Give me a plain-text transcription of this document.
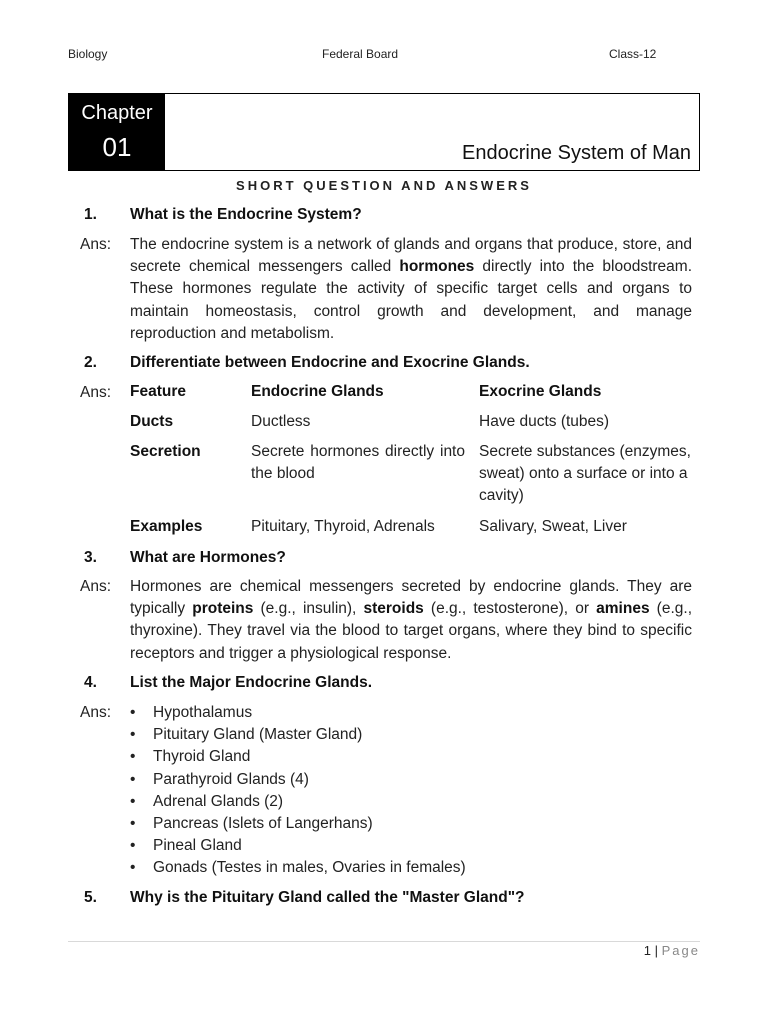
Biology	Federal Board	Class-12
Chapter
01	Endocrine System of Man
SHORT QUESTION AND ANSWERS
1. What is the Endocrine System?
Ans: The endocrine system is a network of glands and organs that produce, store, and secrete chemical messengers called hormones directly into the bloodstream. These hormones regulate the activity of specific target cells and organs to maintain homeostasis, control growth and development, and manage reproduction and metabolism.

2. Differentiate between Endocrine and Exocrine Glands.
Ans: Feature	Endocrine Glands	Exocrine Glands
Ducts	Ductless	Have ducts (tubes)
Secretion	Secrete hormones directly into the blood
Secrete substances (enzymes, sweat) onto a surface or into a cavity)
Examples	Pituitary, Thyroid, Adrenals	Salivary, Sweat, Liver
3. What are Hormones?
Ans: Hormones are chemical messengers secreted by endocrine glands. They are typically proteins (e.g., insulin), steroids (e.g., testosterone), or amines (e.g., thyroxine). They travel via the blood to target organs, where they bind to specific receptors and trigger a physiological response.

4. List the Major Endocrine Glands.
Ans:
•	Hypothalamus
• Pituitary Gland (Master Gland)
• Thyroid Gland
• Parathyroid Glands (4)
• Adrenal Glands (2)
• Pancreas (Islets of Langerhans)
• Pineal Gland
• Gonads (Testes in males, Ovaries in females)
5. Why is the Pituitary Gland called the "Master Gland"?
1 | Page
